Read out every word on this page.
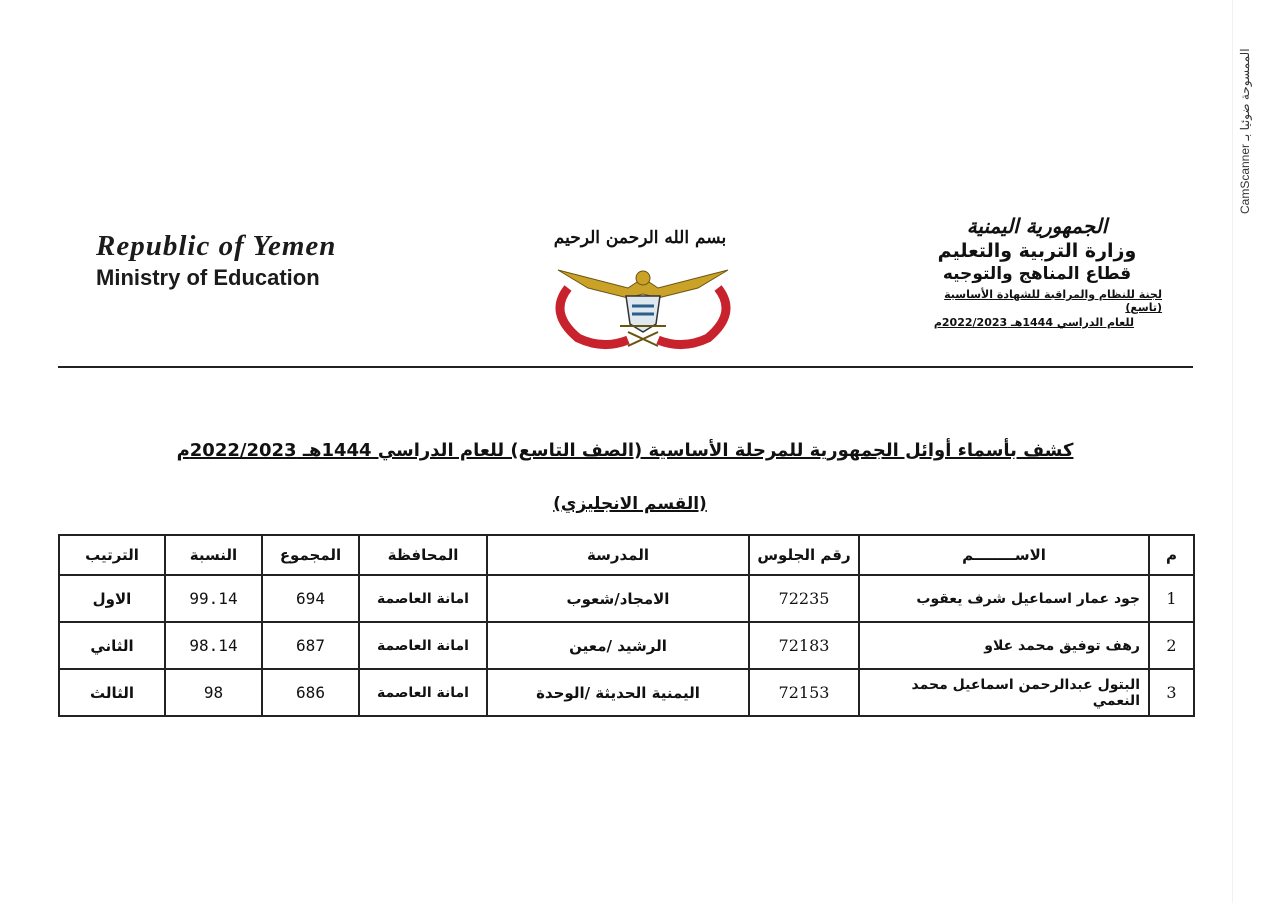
CamScanner الممسوحة ضوئيا بـ
Republic of Yemen
Ministry of Education
بسم الله الرحمن الرحيم	الجمهورية اليمنية
وزارة التربية والتعليم
قطاع المناهج والتوجيه
لجنة للنظام والمراقبة للشهادة الأساسية (تاسع)
للعام الدراسي 1444هـ 2022/2023م
كشف بأسماء أوائل الجمهورية للمرحلة الأساسية (الصف التاسع) للعام الدراسي 1444هـ 2022/2023م
(القسم الانجليزي)
م	الاســــــــم	رقم الجلوس	المدرسة	المحافظة	المجموع	النسبة	الترتيب
1	جود عمار اسماعيل شرف يعقوب	72235	الامجاد/شعوب	امانة العاصمة	694	99.14	الاول
2	رهف توفيق محمد علاو	72183	الرشيد /معين	امانة العاصمة	687	98.14	الثاني
3	البتول عبدالرحمن اسماعيل محمد النعمي	72153	اليمنية الحديثة /الوحدة	امانة العاصمة	686	98	الثالث
